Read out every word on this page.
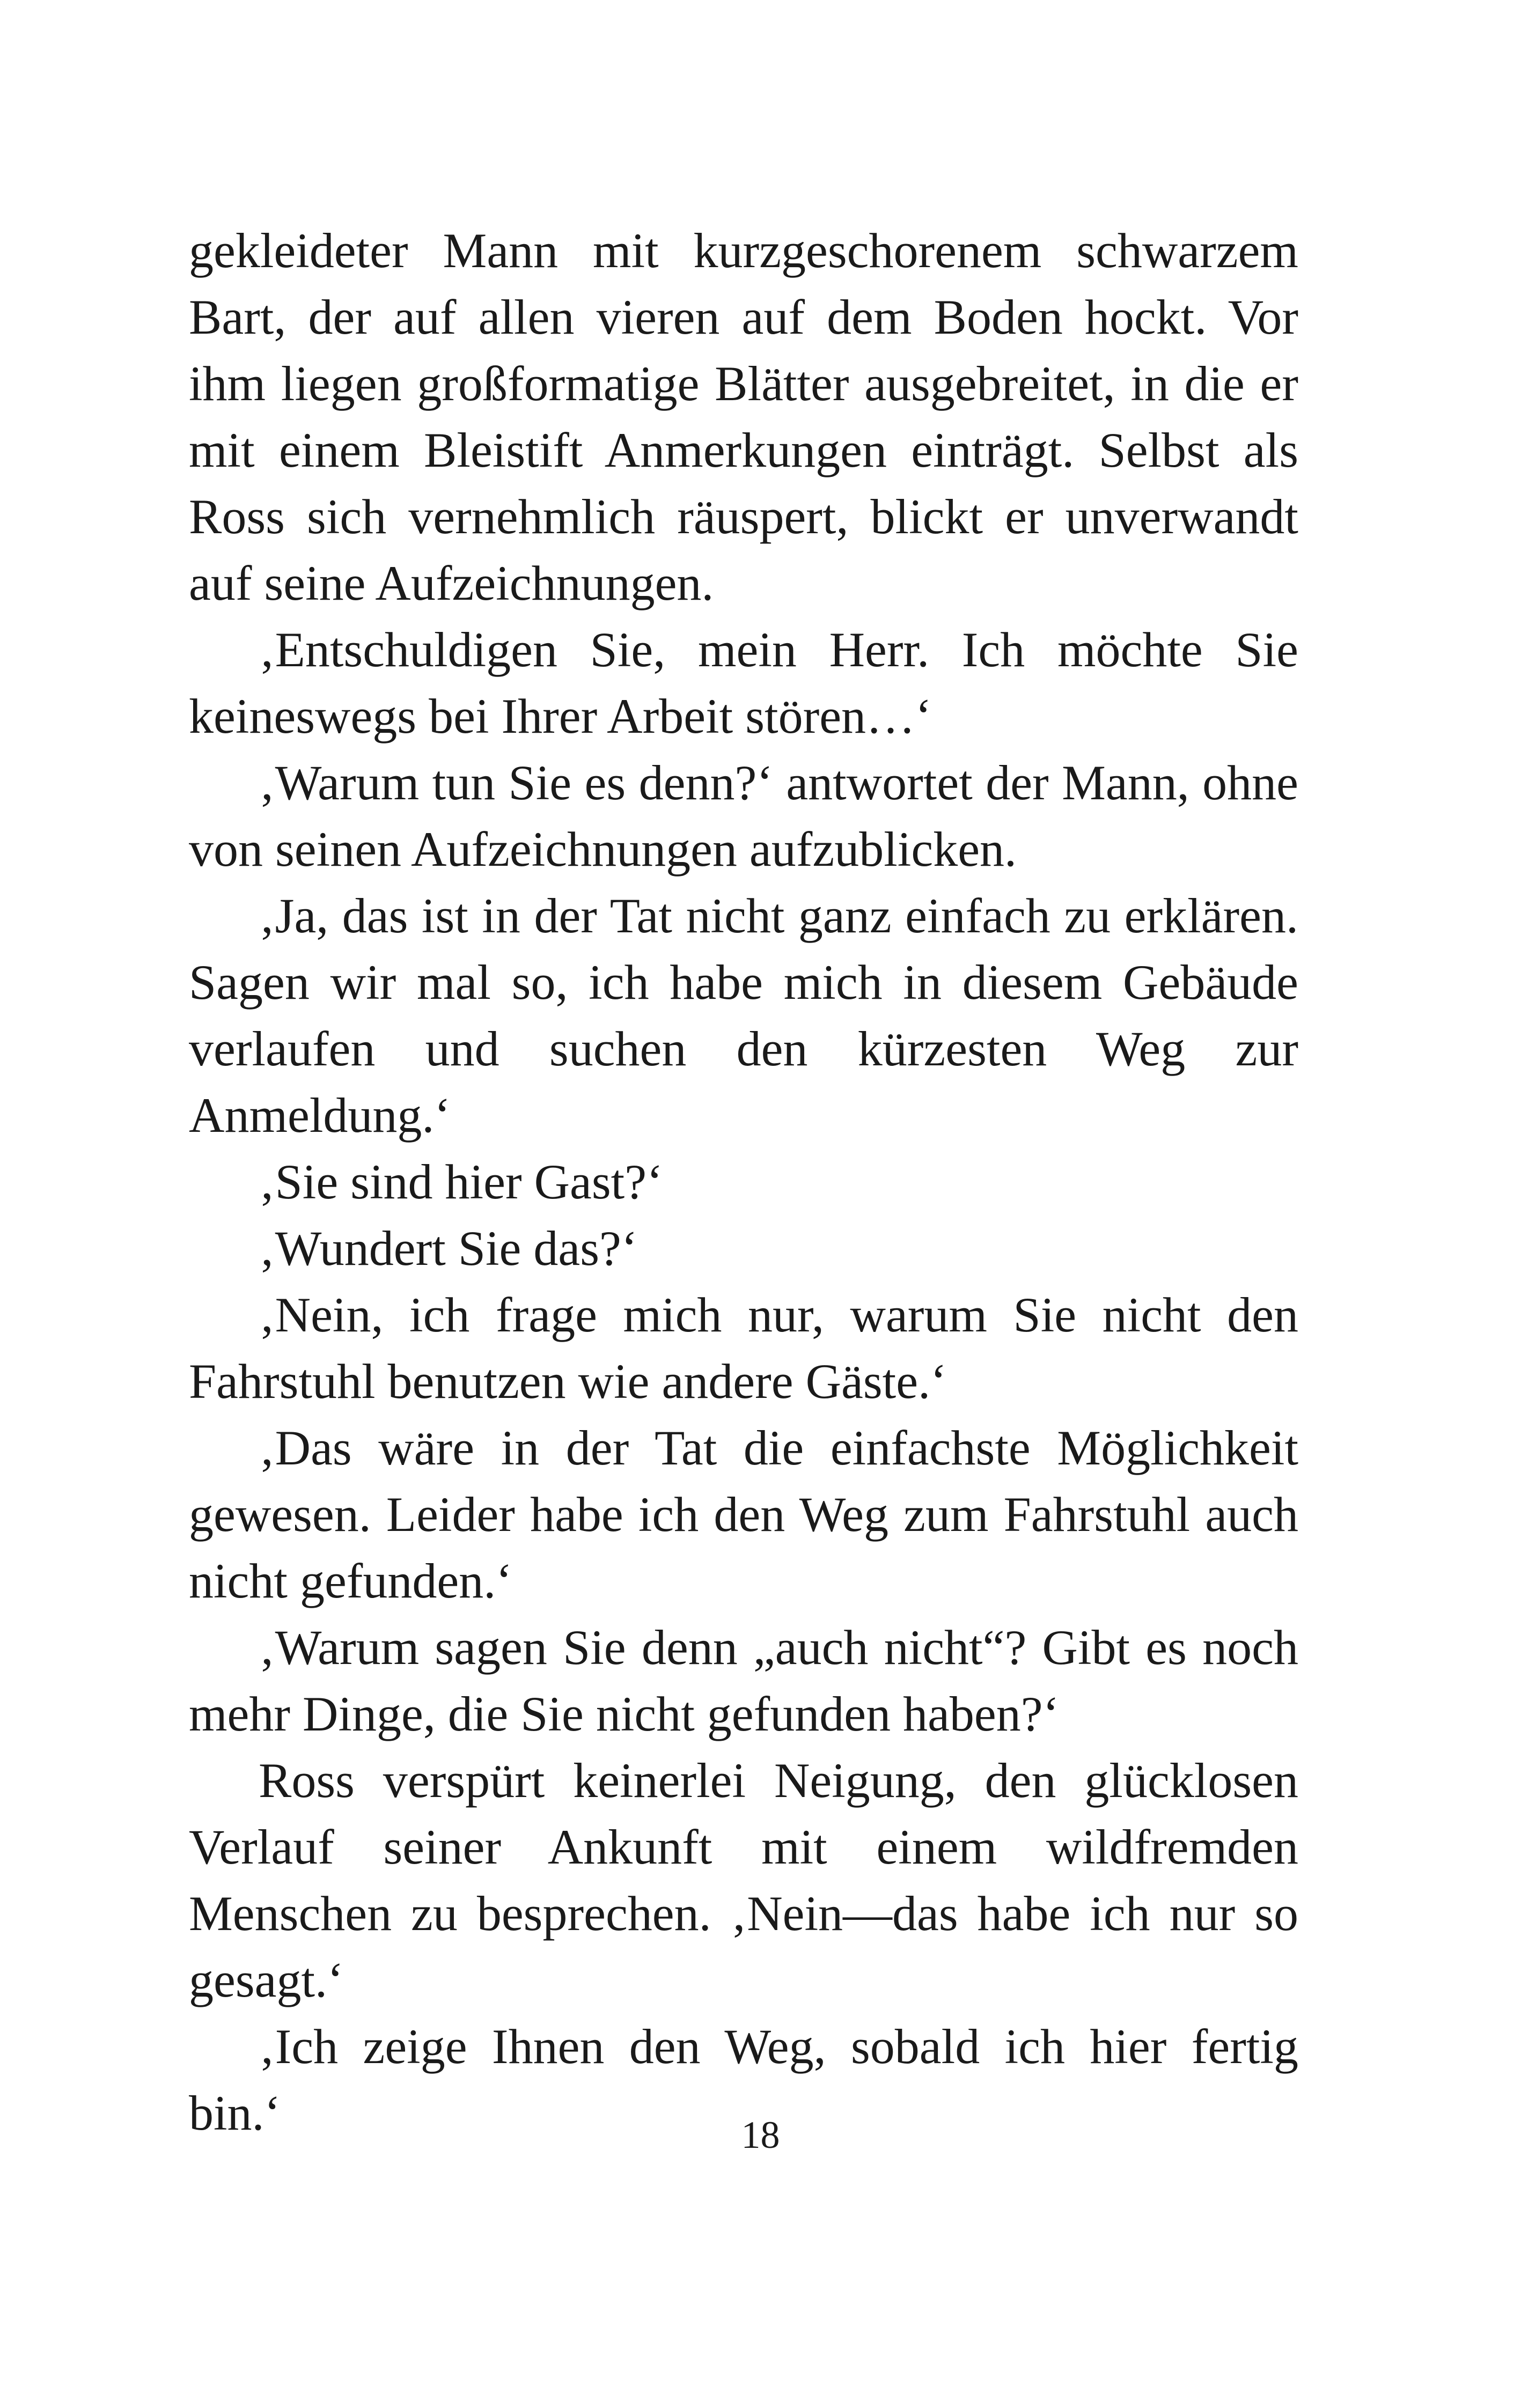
gekleideter Mann mit kurzgeschorenem schwarzem Bart, der auf allen vieren auf dem Boden hockt. Vor ihm liegen großformatige Blätter ausgebreitet, in die er mit einem Bleistift Anmerkungen einträgt. Selbst als Ross sich vernehmlich räuspert, blickt er unverwandt auf seine Aufzeichnungen.

‚Entschuldigen Sie, mein Herr. Ich möchte Sie keineswegs bei Ihrer Arbeit stören…‘

‚Warum tun Sie es denn?‘ antwortet der Mann, ohne von seinen Aufzeichnungen aufzublicken.

‚Ja, das ist in der Tat nicht ganz einfach zu erklären. Sagen wir mal so, ich habe mich in diesem Gebäude verlaufen und suchen den kürzesten Weg zur Anmeldung.‘

‚Sie sind hier Gast?‘

‚Wundert Sie das?‘

‚Nein, ich frage mich nur, warum Sie nicht den Fahrstuhl benutzen wie andere Gäste.‘

‚Das wäre in der Tat die einfachste Möglichkeit gewesen. Leider habe ich den Weg zum Fahrstuhl auch nicht gefunden.‘

‚Warum sagen Sie denn „auch nicht“? Gibt es noch mehr Dinge, die Sie nicht gefunden haben?‘

Ross verspürt keinerlei Neigung, den glücklosen Verlauf seiner Ankunft mit einem wildfremden Menschen zu besprechen. ‚Nein—das habe ich nur so gesagt.‘

‚Ich zeige Ihnen den Weg, sobald ich hier fertig bin.‘	18
